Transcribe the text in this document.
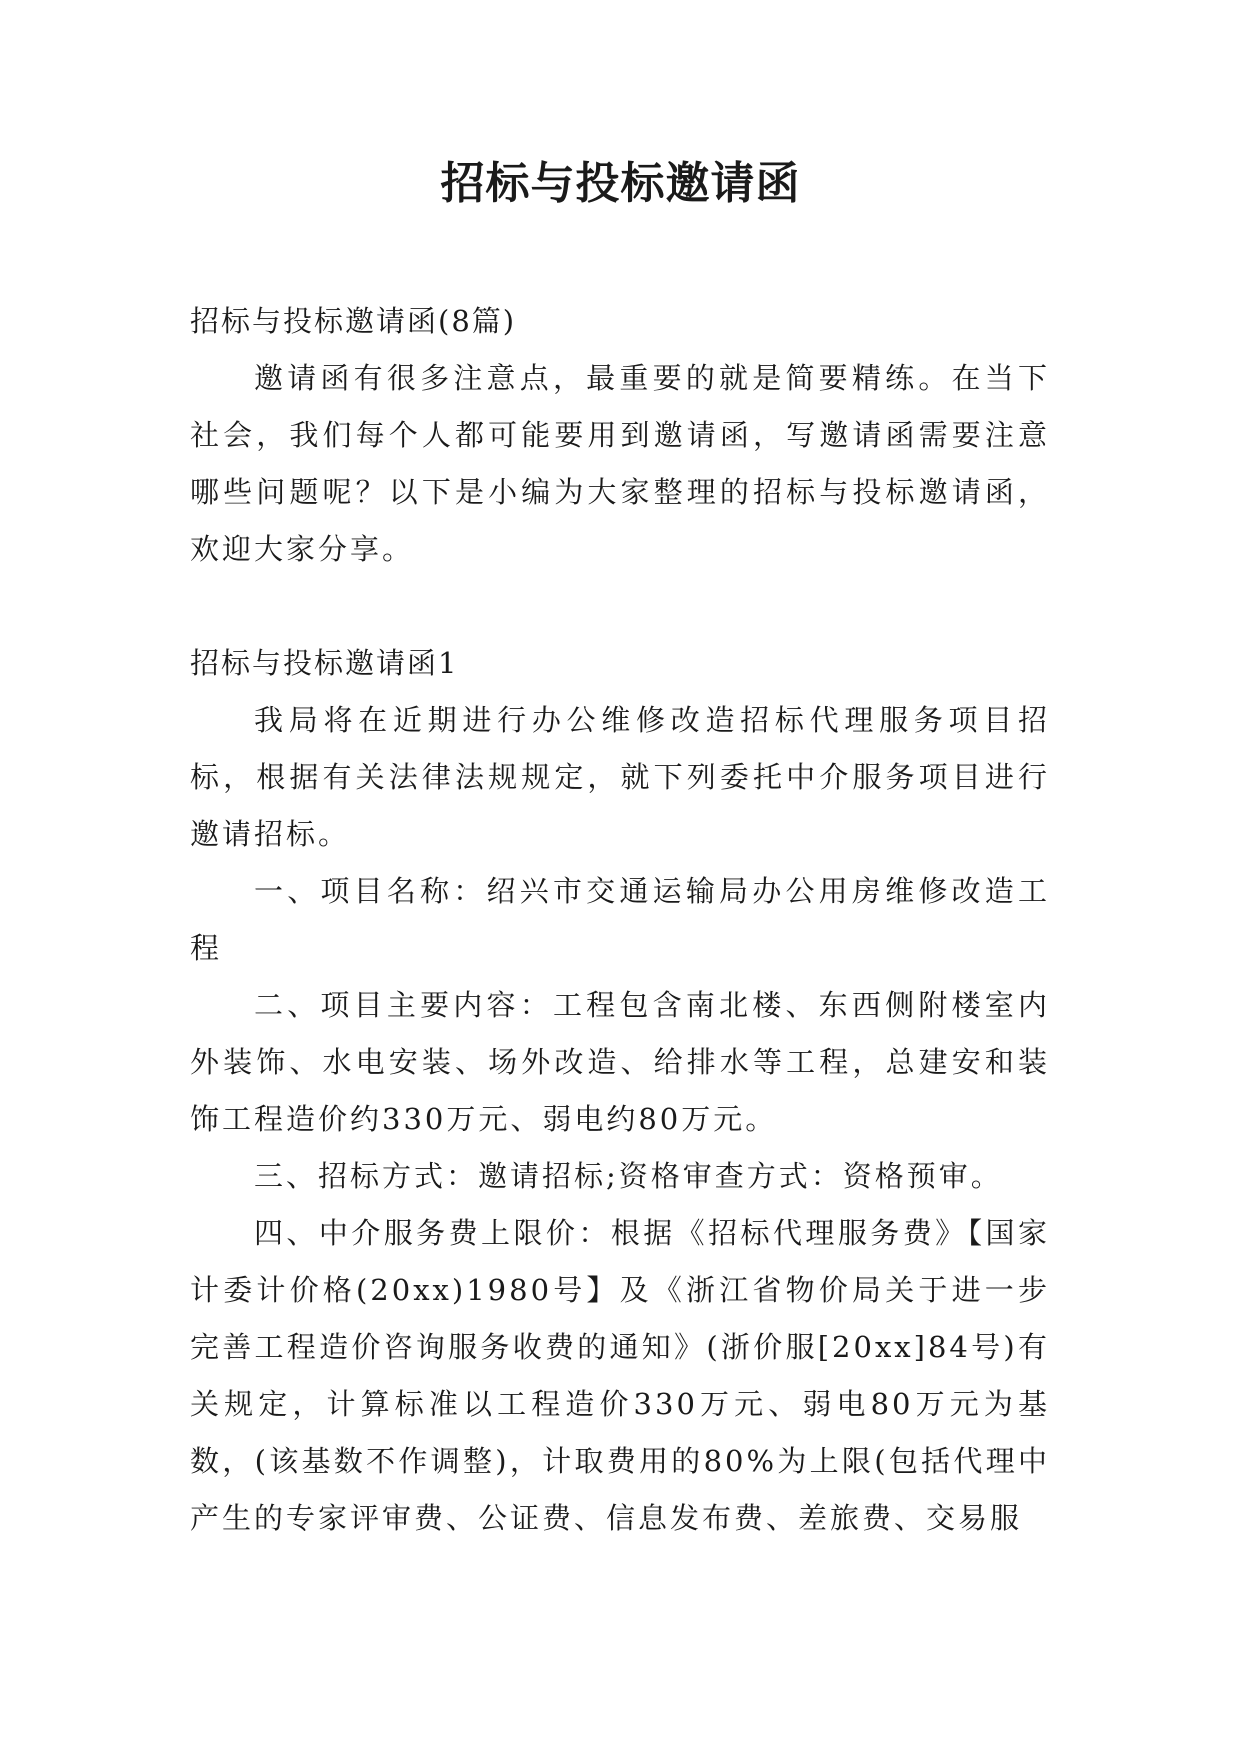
招标与投标邀请函

招标与投标邀请函(8篇)

邀请函有很多注意点，最重要的就是简要精练。在当下社会，我们每个人都可能要用到邀请函，写邀请函需要注意哪些问题呢？以下是小编为大家整理的招标与投标邀请函，欢迎大家分享。

招标与投标邀请函1

我局将在近期进行办公维修改造招标代理服务项目招标，根据有关法律法规规定，就下列委托中介服务项目进行邀请招标。

一、项目名称：绍兴市交通运输局办公用房维修改造工程

二、项目主要内容：工程包含南北楼、东西侧附楼室内外装饰、水电安装、场外改造、给排水等工程，总建安和装饰工程造价约330万元、弱电约80万元。

三、招标方式：邀请招标;资格审查方式：资格预审。

四、中介服务费上限价：根据《招标代理服务费》【国家计委计价格(20xx)1980号】及《浙江省物价局关于进一步完善工程造价咨询服务收费的通知》(浙价服[20xx]84号)有关规定，计算标准以工程造价330万元、弱电80万元为基数，(该基数不作调整)，计取费用的80%为上限(包括代理中产生的专家评审费、公证费、信息发布费、差旅费、交易服
